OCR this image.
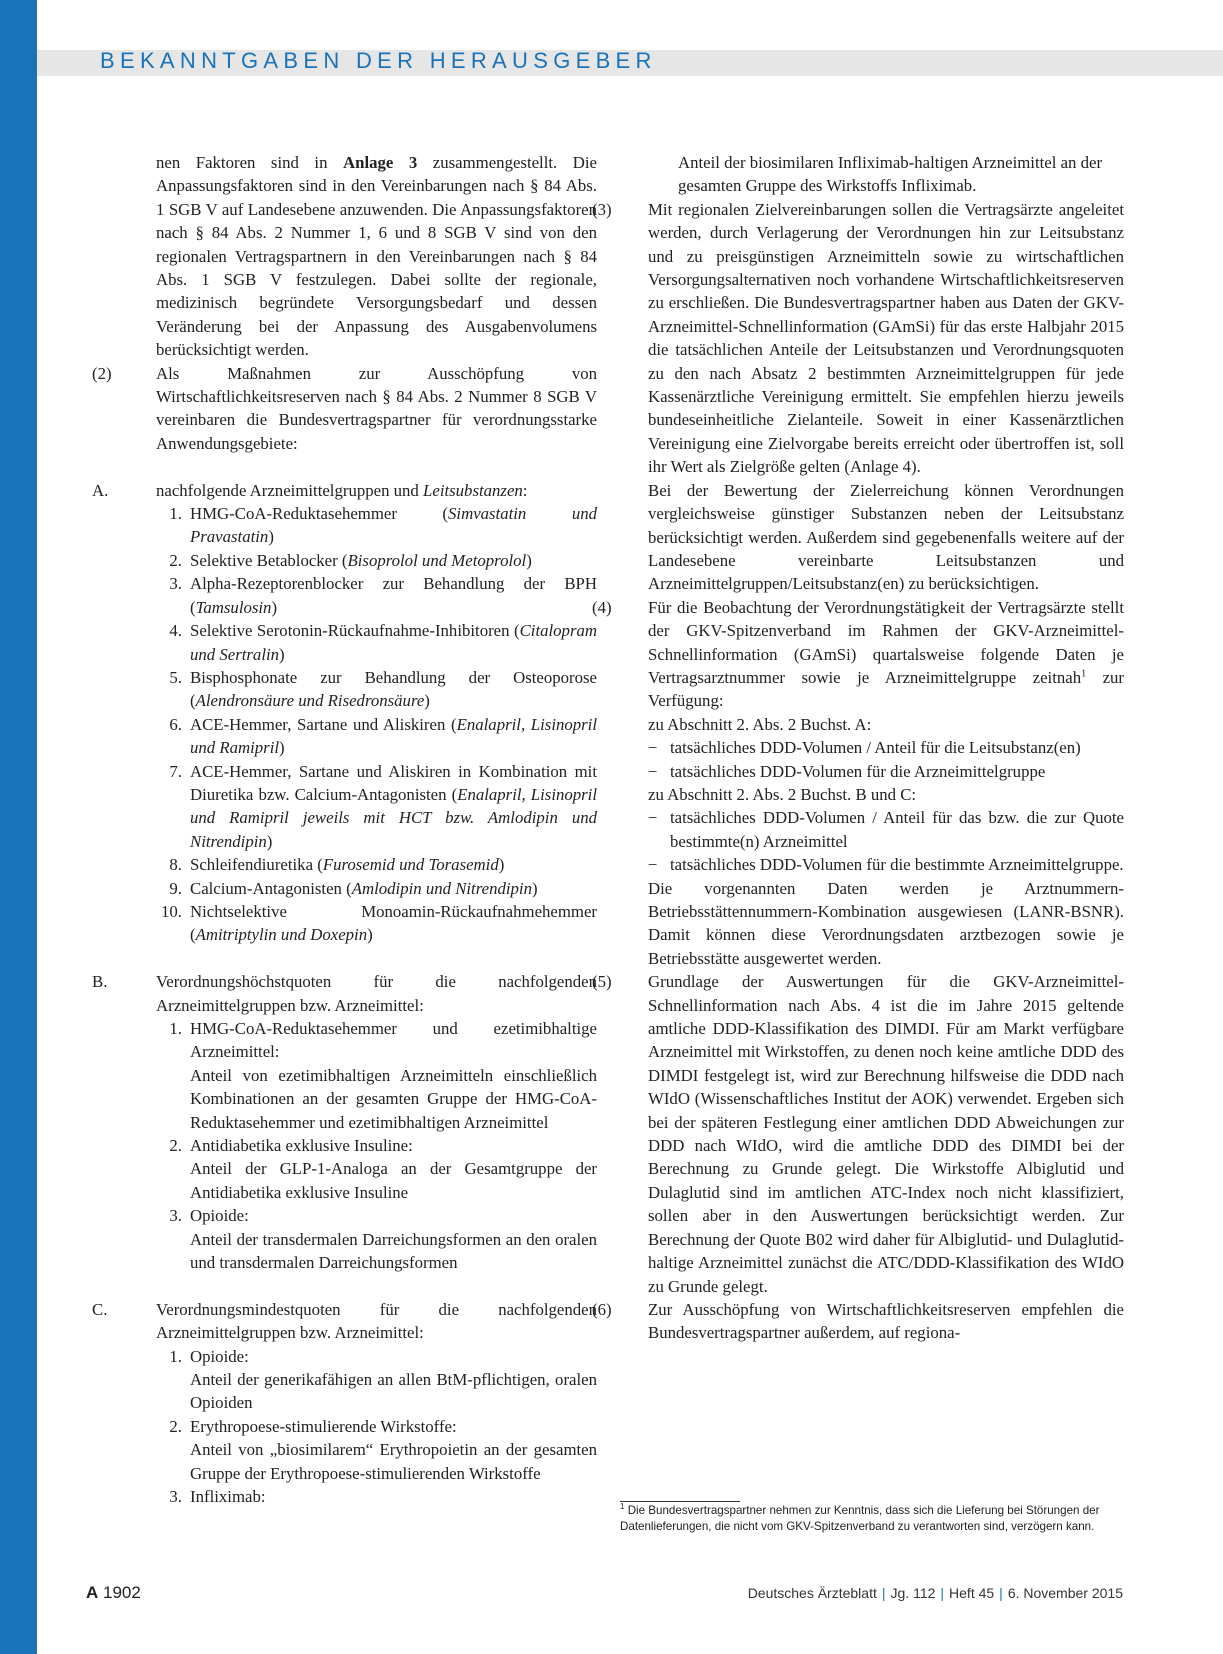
BEKANNTGABEN DER HERAUSGEBER
nen Faktoren sind in Anlage 3 zusammengestellt. Die Anpassungsfaktoren sind in den Vereinbarungen nach § 84 Abs. 1 SGB V auf Landesebene anzuwenden. Die Anpassungsfaktoren nach § 84 Abs. 2 Nummer 1, 6 und 8 SGB V sind von den regionalen Vertragspartnern in den Vereinbarungen nach § 84 Abs. 1 SGB V festzulegen. Dabei sollte der regionale, medizinisch begründete Versorgungsbedarf und dessen Veränderung bei der Anpassung des Ausgabenvolumens berücksichtigt werden.
(2)	Als Maßnahmen zur Ausschöpfung von Wirtschaftlichkeitsreserven nach § 84 Abs. 2 Nummer 8 SGB V vereinbaren die Bundesvertragspartner für verordnungsstarke Anwendungsgebiete:
A.	nachfolgende Arzneimittelgruppen und Leitsubstanzen:
1. HMG-CoA-Reduktasehemmer (Simvastatin und Pravastatin)
2. Selektive Betablocker (Bisoprolol und Metoprolol)
3. Alpha-Rezeptorenblocker zur Behandlung der BPH (Tamsulosin)
4. Selektive Serotonin-Rückaufnahme-Inhibitoren (Citalopram und Sertralin)
5. Bisphosphonate zur Behandlung der Osteoporose (Alendronsäure und Risedronsäure)
6. ACE-Hemmer, Sartane und Aliskiren (Enalapril, Lisinopril und Ramipril)
7. ACE-Hemmer, Sartane und Aliskiren in Kombination mit Diuretika bzw. Calcium-Antagonisten (Enalapril, Lisinopril und Ramipril jeweils mit HCT bzw. Amlodipin und Nitrendipin)
8. Schleifendiuretika (Furosemid und Torasemid)
9. Calcium-Antagonisten (Amlodipin und Nitrendipin)
10. Nichtselektive Monoamin-Rückaufnahmehemmer (Amitriptylin und Doxepin)
B.	Verordnungshöchstquoten für die nachfolgenden Arzneimittelgruppen bzw. Arzneimittel:
1. HMG-CoA-Reduktasehemmer und ezetimibhaltige Arzneimittel:
Anteil von ezetimibhaltigen Arzneimitteln einschließlich Kombinationen an der gesamten Gruppe der HMG-CoA-Reduktasehemmer und ezetimibhaltigen Arzneimittel
2. Antidiabetika exklusive Insuline:
Anteil der GLP-1-Analoga an der Gesamtgruppe der Antidiabetika exklusive Insuline
3. Opioide:
Anteil der transdermalen Darreichungsformen an den oralen und transdermalen Darreichungsformen
C.	Verordnungsmindestquoten für die nachfolgenden Arzneimittelgruppen bzw. Arzneimittel:
1. Opioide:
Anteil der generikafähigen an allen BtM-pflichtigen, oralen Opioiden
2. Erythropoese-stimulierende Wirkstoffe:
Anteil von „biosimilarem“ Erythropoietin an der gesamten Gruppe der Erythropoese-stimulierenden Wirkstoffe
3. Infliximab:
Anteil der biosimilaren Infliximab-haltigen Arzneimittel an der gesamten Gruppe des Wirkstoffs Infliximab.
(3) Mit regionalen Zielvereinbarungen sollen die Vertragsärzte angeleitet werden, durch Verlagerung der Verordnungen hin zur Leitsubstanz und zu preisgünstigen Arzneimitteln sowie zu wirtschaftlichen Versorgungsalternativen noch vorhandene Wirtschaftlichkeitsreserven zu erschließen. Die Bundesvertragspartner haben aus Daten der GKV-Arzneimittel-Schnellinformation (GAmSi) für das erste Halbjahr 2015 die tatsächlichen Anteile der Leitsubstanzen und Verordnungsquoten zu den nach Absatz 2 bestimmten Arzneimittelgruppen für jede Kassenärztliche Vereinigung ermittelt. Sie empfehlen hierzu jeweils bundeseinheitliche Zielanteile. Soweit in einer Kassenärztlichen Vereinigung eine Zielvorgabe bereits erreicht oder übertroffen ist, soll ihr Wert als Zielgröße gelten (Anlage 4).
Bei der Bewertung der Zielerreichung können Verordnungen vergleichsweise günstiger Substanzen neben der Leitsubstanz berücksichtigt werden. Außerdem sind gegebenenfalls weitere auf der Landesebene vereinbarte Leitsubstanzen und Arzneimittelgruppen/Leitsubstanz(en) zu berücksichtigen.
(4) Für die Beobachtung der Verordnungstätigkeit der Vertragsärzte stellt der GKV-Spitzenverband im Rahmen der GKV-Arzneimittel-Schnellinformation (GAmSi) quartalsweise folgende Daten je Vertragsarztnummer sowie je Arzneimittelgruppe zeitnah$^1$ zur Verfügung:
zu Abschnitt 2. Abs. 2 Buchst. A:
− tatsächliches DDD-Volumen / Anteil für die Leitsubstanz(en)
− tatsächliches DDD-Volumen für die Arzneimittelgruppe
zu Abschnitt 2. Abs. 2 Buchst. B und C:
− tatsächliches DDD-Volumen / Anteil für das bzw. die zur Quote bestimmte(n) Arzneimittel
− tatsächliches DDD-Volumen für die bestimmte Arzneimittelgruppe.
Die vorgenannten Daten werden je Arztnummern-Betriebsstättennummern-Kombination ausgewiesen (LANR-BSNR). Damit können diese Verordnungsdaten arztbezogen sowie je Betriebsstätte ausgewertet werden.
(5) Grundlage der Auswertungen für die GKV-Arzneimittel-Schnellinformation nach Abs. 4 ist die im Jahre 2015 geltende amtliche DDD-Klassifikation des DIMDI. Für am Markt verfügbare Arzneimittel mit Wirkstoffen, zu denen noch keine amtliche DDD des DIMDI festgelegt ist, wird zur Berechnung hilfsweise die DDD nach WIdO (Wissenschaftliches Institut der AOK) verwendet. Ergeben sich bei der späteren Festlegung einer amtlichen DDD Abweichungen zur DDD nach WIdO, wird die amtliche DDD des DIMDI bei der Berechnung zu Grunde gelegt. Die Wirkstoffe Albiglutid und Dulaglutid sind im amtlichen ATC-Index noch nicht klassifiziert, sollen aber in den Auswertungen berücksichtigt werden. Zur Berechnung der Quote B02 wird daher für Albiglutid- und Dulaglutid-haltige Arzneimittel zunächst die ATC/DDD-Klassifikation des WIdO zu Grunde gelegt.
(6) Zur Ausschöpfung von Wirtschaftlichkeitsreserven empfehlen die Bundesvertragspartner außerdem, auf regiona-
$^1$ Die Bundesvertragspartner nehmen zur Kenntnis, dass sich die Lieferung bei Störungen der Datenlieferungen, die nicht vom GKV-Spitzenverband zu verantworten sind, verzögern kann.
A 1902	Deutsches Ärzteblatt | Jg. 112 | Heft 45 | 6. November 2015
